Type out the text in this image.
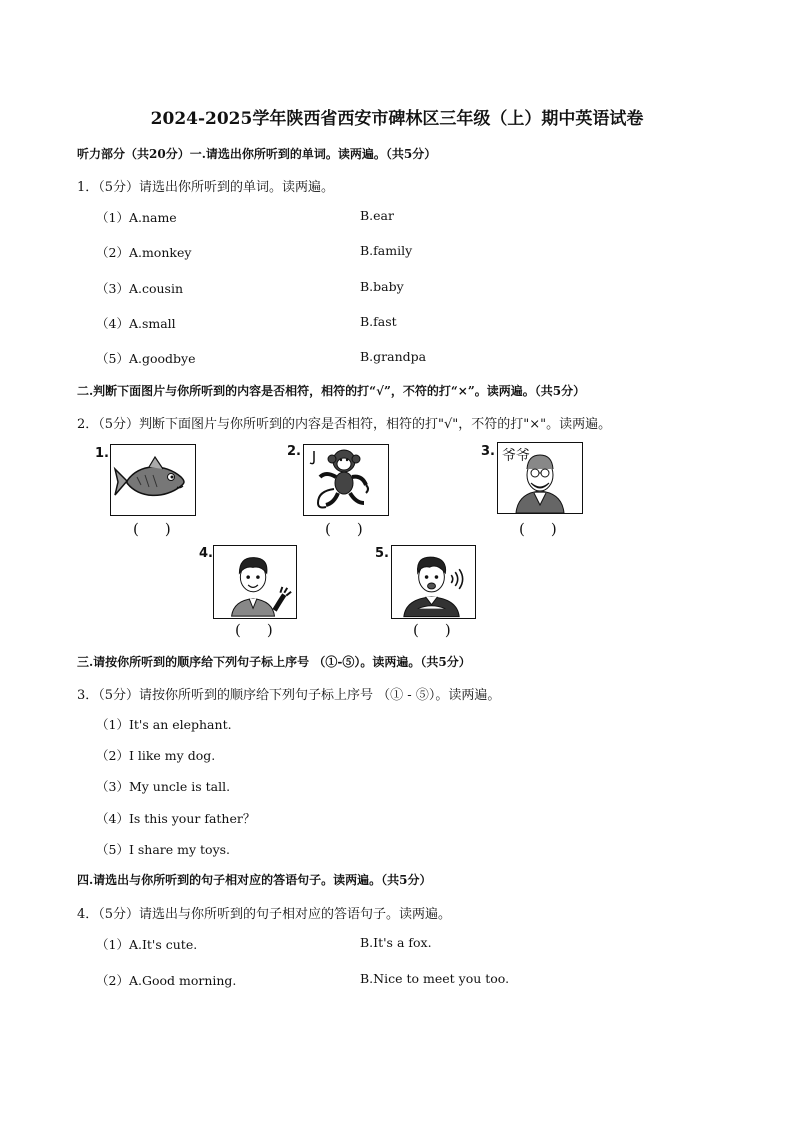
2024-2025学年陕西省西安市碑林区三年级（上）期中英语试卷
听力部分（共20分）一.请选出你所听到的单词。读两遍。（共5分）
1．（5分）请选出你所听到的单词。读两遍。
（1）A.name	B.ear
（2）A.monkey	B.family
（3）A.cousin	B.baby
（4）A.small	B.fast
（5）A.goodbye	B.grandpa
二.判断下面图片与你所听到的内容是否相符，相符的打“√”，不符的打“×”。读两遍。（共5分）
2．（5分）判断下面图片与你所听到的内容是否相符，相符的打"√"，不符的打"×"。读两遍。
1.
( )
2.
( )
3. 爷爷
( )
4.
( )
5.
( )
三.请按你所听到的顺序给下列句子标上序号 （①-⑤）。读两遍。（共5分）
3．（5分）请按你所听到的顺序给下列句子标上序号 （① - ⑤）。读两遍。
（1）It's an elephant.
（2）I like my dog.
（3）My uncle is tall.
（4）Is this your father？
（5）I share my toys.
四.请选出与你所听到的句子相对应的答语句子。读两遍。（共5分）
4．（5分）请选出与你所听到的句子相对应的答语句子。读两遍。
（1）A.It's cute.	B.It's a fox.
（2）A.Good morning.	B.Nice to meet you too.
